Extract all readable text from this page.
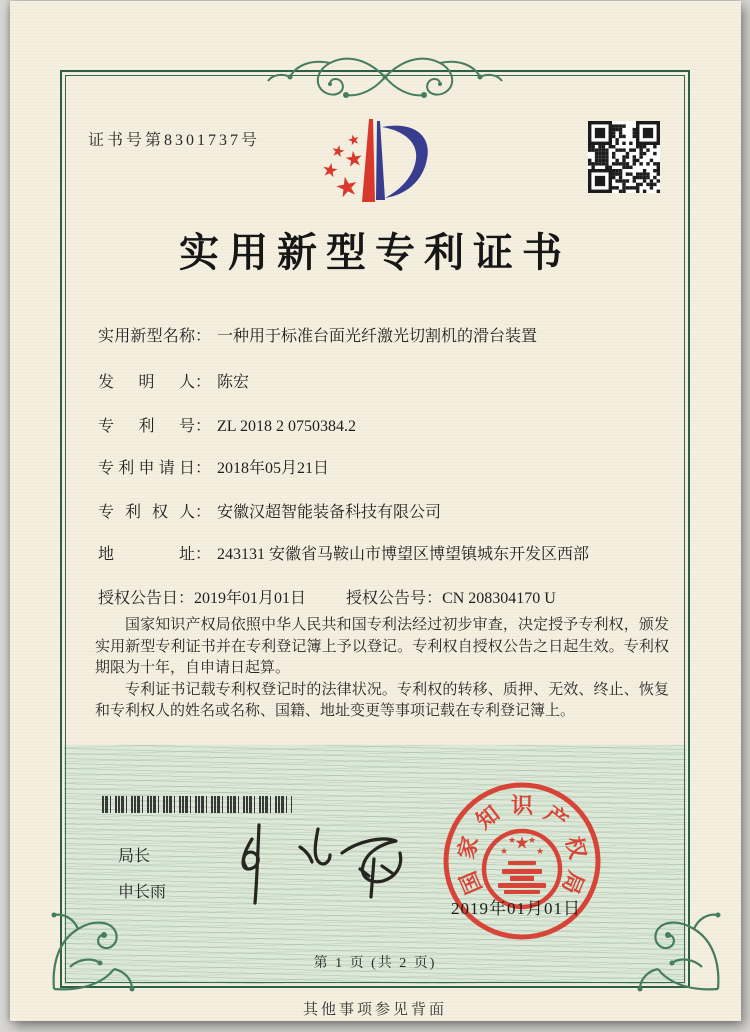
证书号第8301737号	★
★
★
★
★
实用新型专利证书
实用新型名称： 一种用于标准台面光纤激光切割机的滑台装置
发明人： 陈宏
专利号： ZL 2018 2 0750384.2
专利申请日： 2018年05月21日
专利权人： 安徽汉超智能装备科技有限公司
地址： 243131 安徽省马鞍山市博望区博望镇城东开发区西部
授权公告日：2019年01月01日	授权公告号：CN 208304170 U

国家知识产权局依照中华人民共和国专利法经过初步审查，决定授予专利权，颁发实用新型专利证书并在专利登记簿上予以登记。专利权自授权公告之日起生效。专利权期限为十年，自申请日起算。

专利证书记载专利权登记时的法律状况。专利权的转移、质押、无效、终止、恢复和专利权人的姓名或名称、国籍、地址变更等事项记载在专利登记簿上。

局长
申长雨	国
家
知 识 产
权
局
★
★
★ ★
★
2019年01月01日
第 1 页 (共 2 页)
其他事项参见背面
